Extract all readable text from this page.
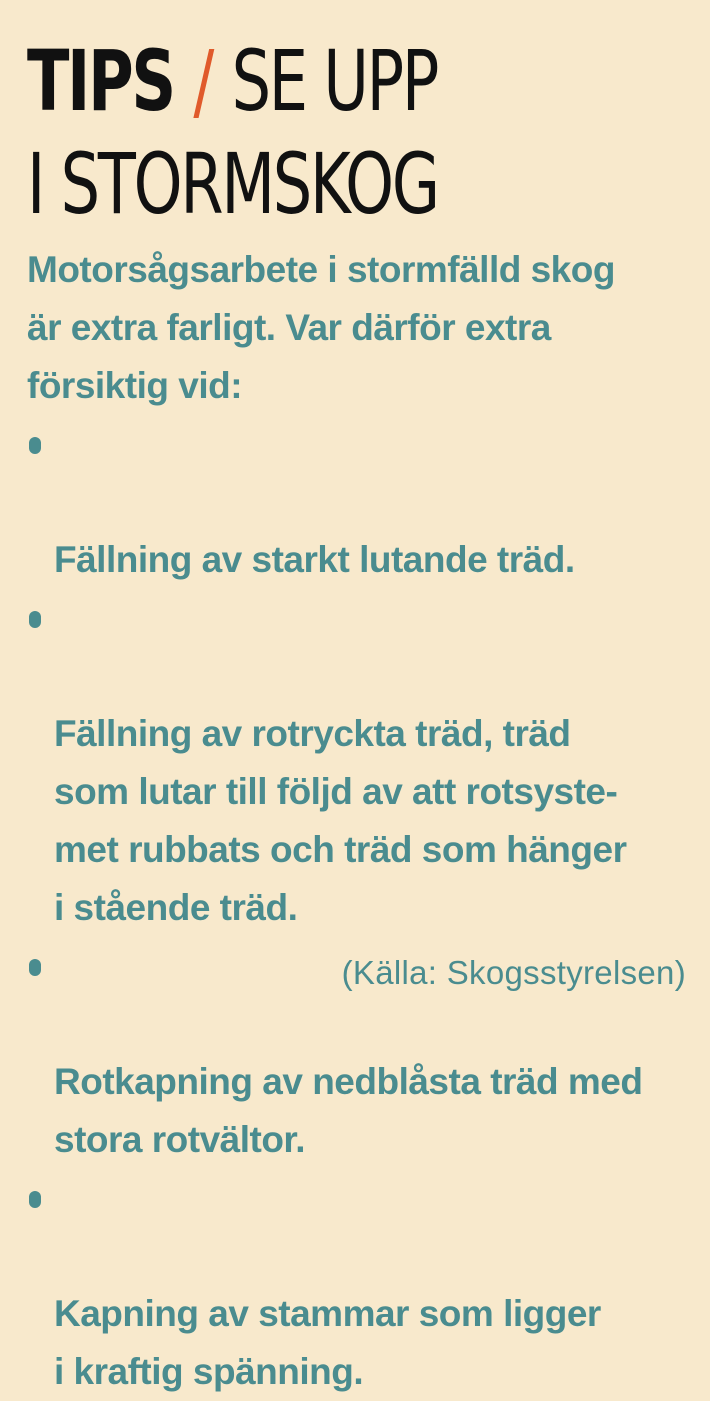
TIPS / SE UPP
I STORMSKOG

Motorsågsarbete i stormfälld skog
är extra farligt. Var därför extra
försiktig vid:

Fällning av starkt lutande träd.

Fällning av rotryckta träd, träd
som lutar till följd av att rotsyste-
met rubbats och träd som hänger
i stående träd.

Rotkapning av nedblåsta träd med
stora rotvältor.

Kapning av stammar som ligger
i kraftig spänning.

(Källa: Skogsstyrelsen)
